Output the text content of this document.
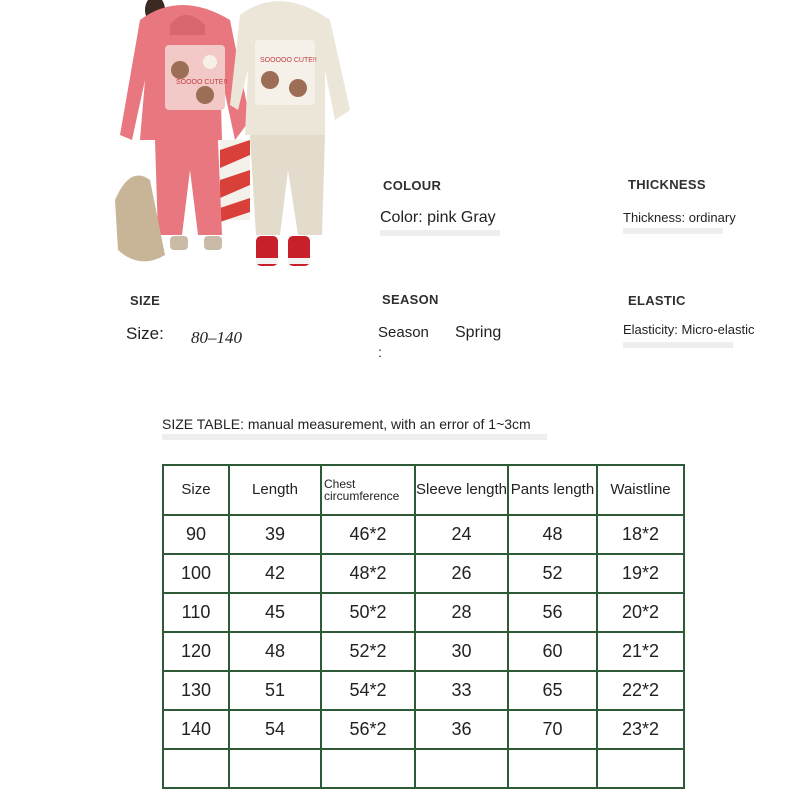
SOOOO CUTE!!
SOOOOO CUTE!!
COLOUR
Color: pink Gray
THICKNESS
Thickness: ordinary
SIZE
Size: 80–140
SEASON
Season
:
Spring
ELASTIC
Elasticity: Micro-elastic
SIZE TABLE: manual measurement, with an error of 1~3cm
Size	Length	Chest circumference	Sleeve length	Pants length	Waistline
90	39	46*2	24	48	18*2
100	42	48*2	26	52	19*2
110	45	50*2	28	56	20*2
120	48	52*2	30	60	21*2
130	51	54*2	33	65	22*2
140	54	56*2	36	70	23*2
